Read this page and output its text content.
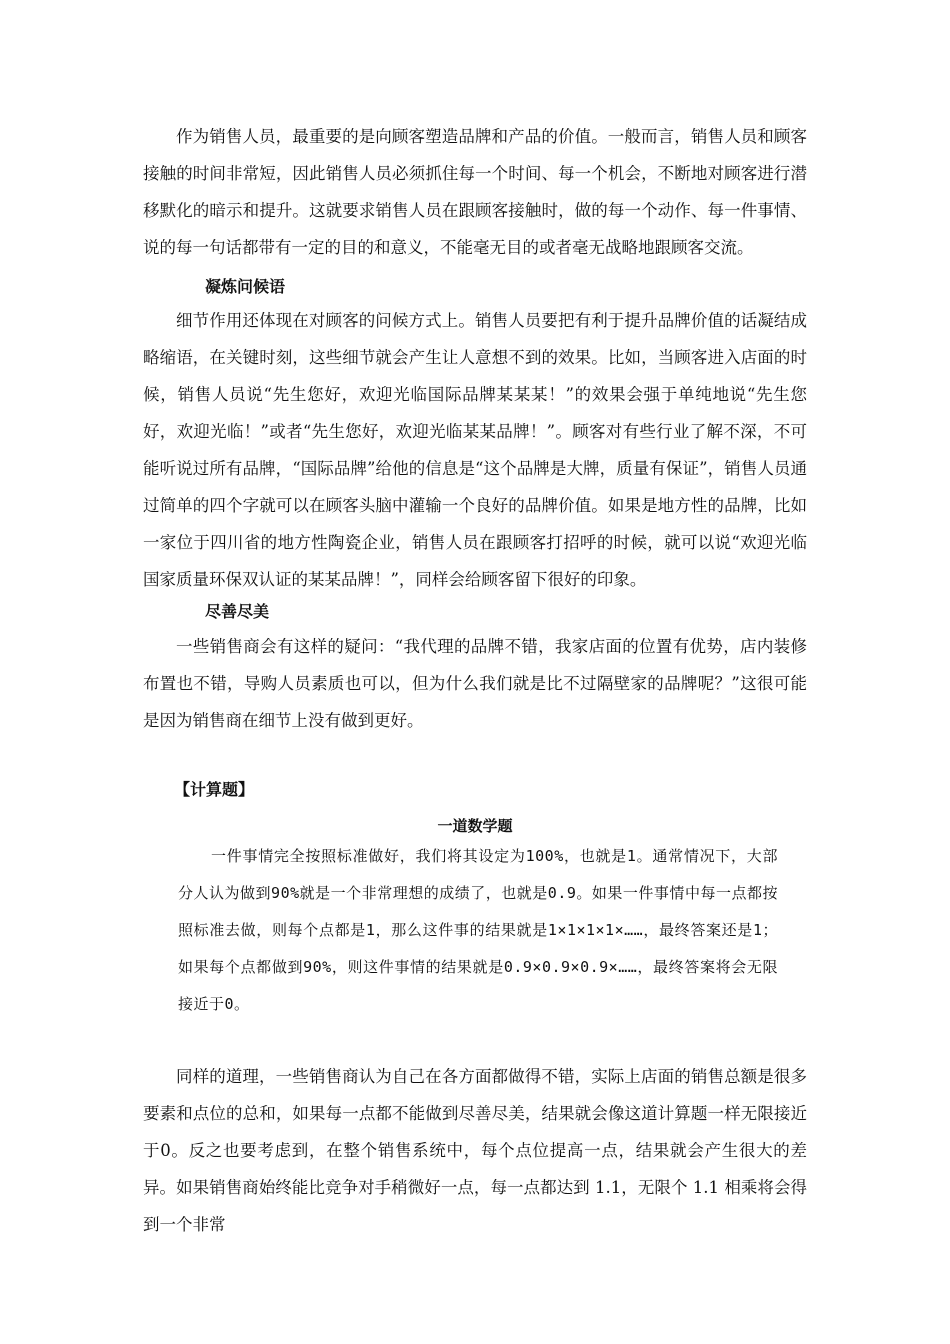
作为销售人员，最重要的是向顾客塑造品牌和产品的价值。一般而言，销售人员和顾客接触的时间非常短，因此销售人员必须抓住每一个时间、每一个机会，不断地对顾客进行潜移默化的暗示和提升。这就要求销售人员在跟顾客接触时，做的每一个动作、每一件事情、说的每一句话都带有一定的目的和意义，不能毫无目的或者毫无战略地跟顾客交流。

凝炼问候语

细节作用还体现在对顾客的问候方式上。销售人员要把有利于提升品牌价值的话凝结成略缩语，在关键时刻，这些细节就会产生让人意想不到的效果。比如，当顾客进入店面的时候，销售人员说“先生您好，欢迎光临国际品牌某某某！”的效果会强于单纯地说“先生您好，欢迎光临！”或者“先生您好，欢迎光临某某品牌！”。顾客对有些行业了解不深，不可能听说过所有品牌，“国际品牌”给他的信息是“这个品牌是大牌，质量有保证”，销售人员通过简单的四个字就可以在顾客头脑中灌输一个良好的品牌价值。如果是地方性的品牌，比如一家位于四川省的地方性陶瓷企业，销售人员在跟顾客打招呼的时候，就可以说“欢迎光临国家质量环保双认证的某某品牌！”，同样会给顾客留下很好的印象。

尽善尽美

一些销售商会有这样的疑问：“我代理的品牌不错，我家店面的位置有优势，店内装修布置也不错，导购人员素质也可以，但为什么我们就是比不过隔壁家的品牌呢？”这很可能是因为销售商在细节上没有做到更好。

【计算题】

一道数学题

一件事情完全按照标准做好，我们将其设定为100%，也就是1。通常情况下，大部分人认为做到90%就是一个非常理想的成绩了，也就是0.9。如果一件事情中每一点都按照标准去做，则每个点都是1，那么这件事的结果就是1×1×1×1×……，最终答案还是1；如果每个点都做到90%，则这件事情的结果就是0.9×0.9×0.9×……，最终答案将会无限接近于0。

同样的道理，一些销售商认为自己在各方面都做得不错，实际上店面的销售总额是很多要素和点位的总和，如果每一点都不能做到尽善尽美，结果就会像这道计算题一样无限接近于0。反之也要考虑到，在整个销售系统中，每个点位提高一点，结果就会产生很大的差异。如果销售商始终能比竞争对手稍微好一点，每一点都达到 1.1，无限个 1.1 相乘将会得到一个非常
